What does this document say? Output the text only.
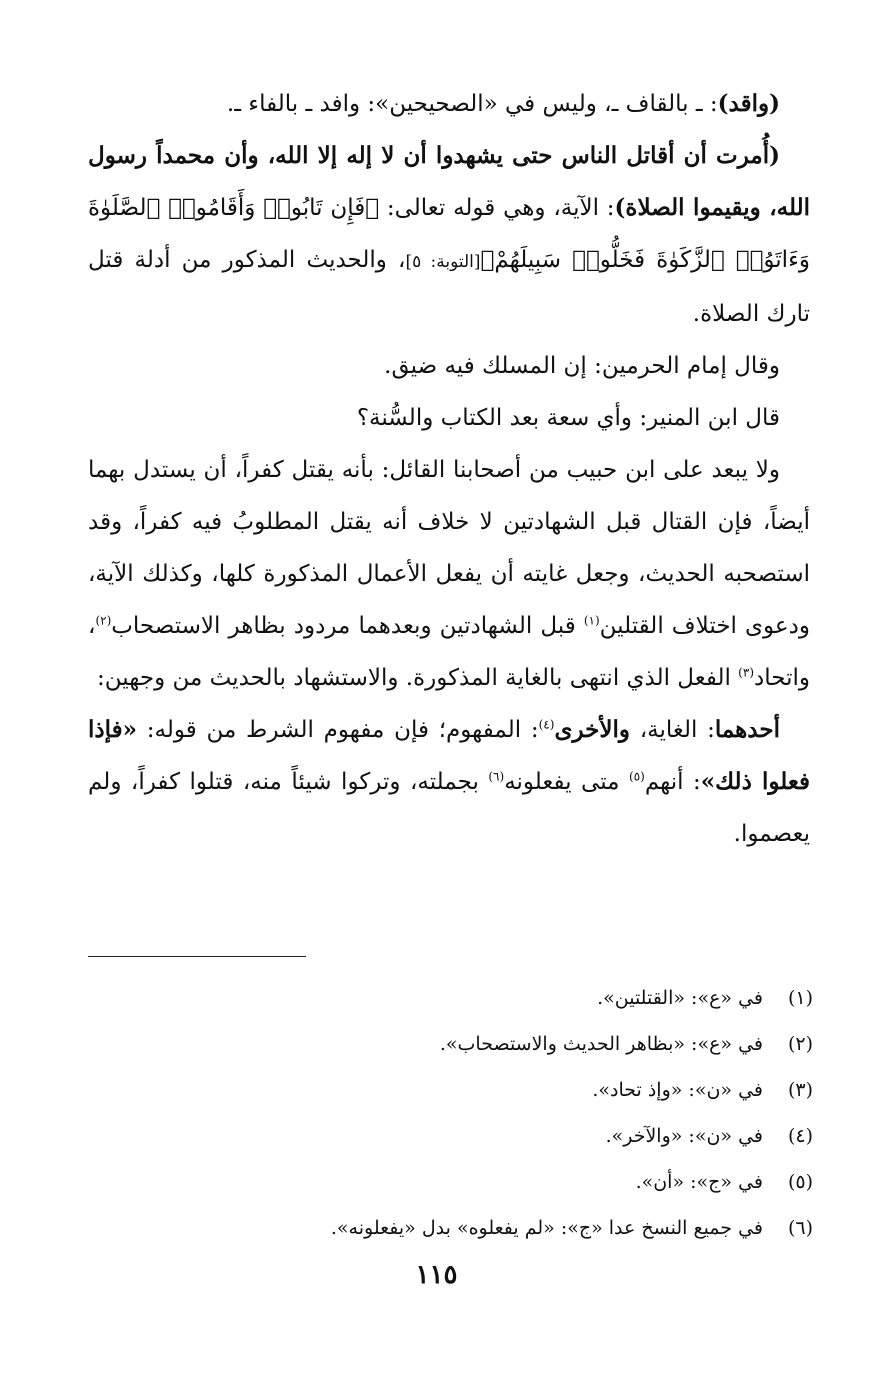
(واقد): ـ بالقاف ـ، وليس في «الصحيحين»: وافد ـ بالفاء ـ.

(أُمرت أن أقاتل الناس حتى يشهدوا أن لا إله إلا الله، وأن محمداً رسول الله، ويقيموا الصلاة): الآية، وهي قوله تعالى: ﴿فَإِن تَابُوا۟ وَأَقَامُوا۟ ٱلصَّلَوٰةَ وَءَاتَوُا۟ ٱلزَّكَوٰةَ فَخَلُّوا۟ سَبِيلَهُمْ﴾[التوبة: ٥]، والحديث المذكور من أدلة قتل تارك الصلاة.

وقال إمام الحرمين: إن المسلك فيه ضيق.

قال ابن المنير: وأي سعة بعد الكتاب والسُّنة؟

ولا يبعد على ابن حبيب من أصحابنا القائل: بأنه يقتل كفراً، أن يستدل بهما أيضاً، فإن القتال قبل الشهادتين لا خلاف أنه يقتل المطلوبُ فيه كفراً، وقد استصحبه الحديث، وجعل غايته أن يفعل الأعمال المذكورة كلها، وكذلك الآية، ودعوى اختلاف القتلين$^{(١)}$ قبل الشهادتين وبعدهما مردود بظاهر الاستصحاب$^{(٢)}$، واتحاد$^{(٣)}$ الفعل الذي انتهى بالغاية المذكورة. والاستشهاد بالحديث من وجهين:

أحدهما: الغاية، والأخرى$^{(٤)}$: المفهوم؛ فإن مفهوم الشرط من قوله: «فإذا فعلوا ذلك»: أنهم$^{(٥)}$ متى يفعلونه$^{(٦)}$ بجملته، وتركوا شيئاً منه، قتلوا كفراً، ولم يعصموا.

(١)في «ع»: «القتلتين».

(٢)في «ع»: «بظاهر الحديث والاستصحاب».

(٣)في «ن»: «وإذ تحاد».

(٤)في «ن»: «والآخر».

(٥)في «ج»: «أن».

(٦)في جميع النسخ عدا «ج»: «لم يفعلوه» بدل «يفعلونه».

١١٥
